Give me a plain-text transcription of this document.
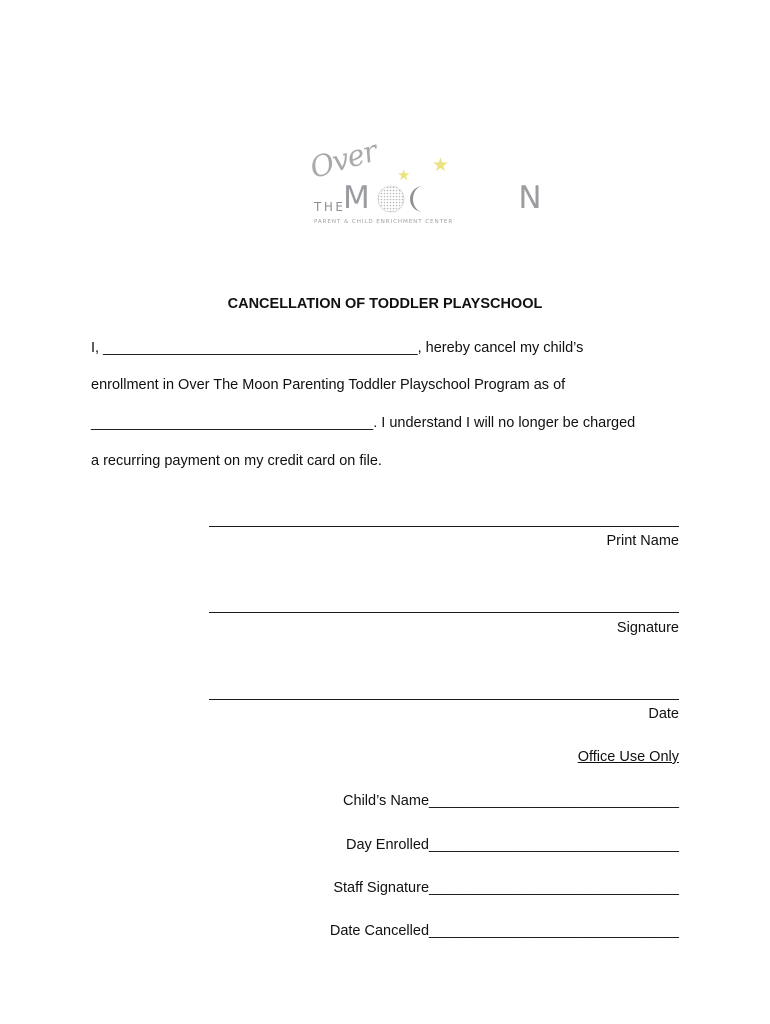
Over ★ ★
THE
M         N
PARENT & CHILD ENRICHMENT CENTER
CANCELLATION OF TODDLER PLAYSCHOOL
I, _______________________________________, hereby cancel my child’s
enrollment in Over The Moon Parenting Toddler Playschool Program as of
___________________________________. I understand I will no longer be charged
a recurring payment on my credit card on file.
Print Name
Signature
Date
Office Use Only
Child’s Name_______________________________
Day Enrolled_______________________________
Staff Signature_______________________________
Date Cancelled_______________________________
